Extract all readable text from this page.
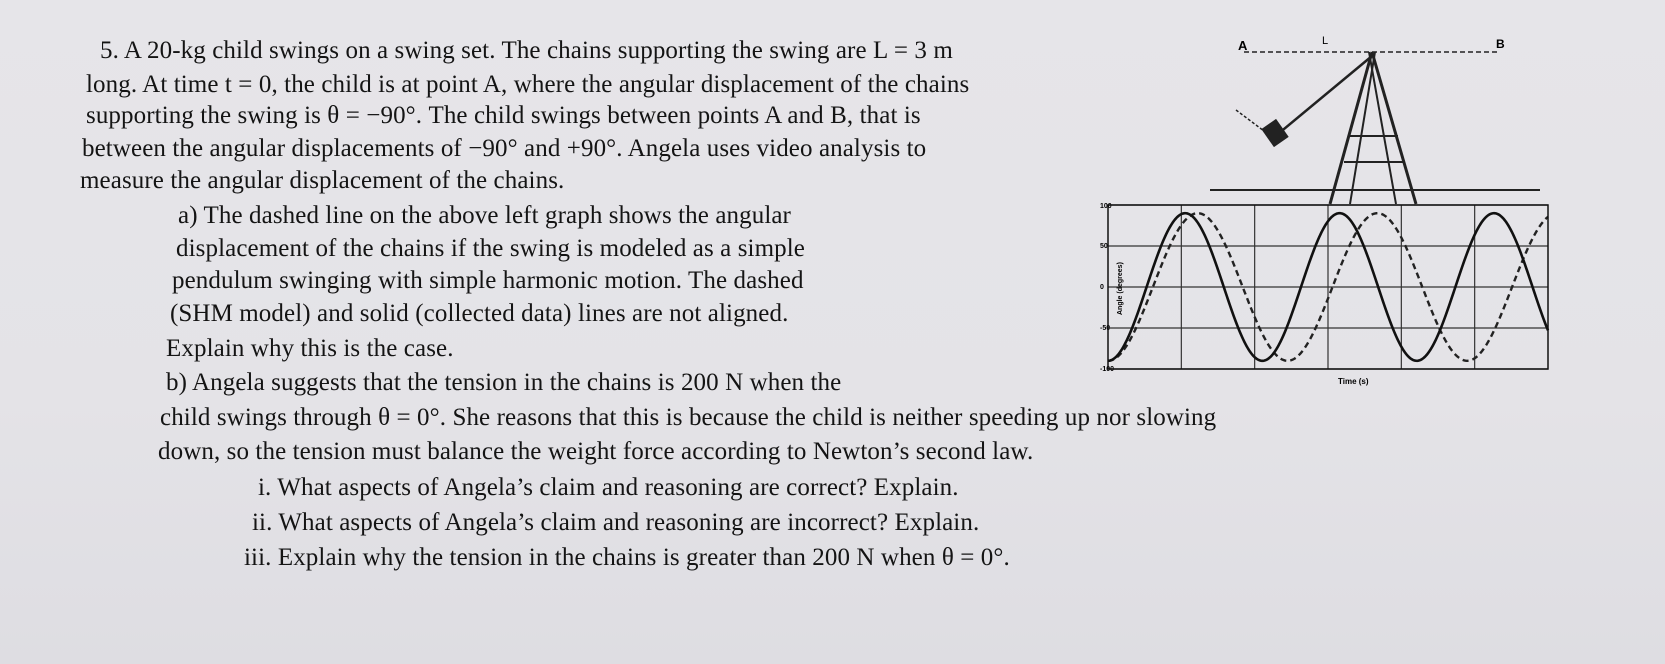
5. A 20-kg child swings on a swing set. The chains supporting the swing are L = 3 m
long. At time t = 0, the child is at point A, where the angular displacement of the chains
supporting the swing is θ = −90°. The child swings between points A and B, that is
between the angular displacements of −90° and +90°. Angela uses video analysis to
measure the angular displacement of the chains.
a) The dashed line on the above left graph shows the angular
displacement of the chains if the swing is modeled as a simple
pendulum swinging with simple harmonic motion. The dashed
(SHM model) and solid (collected data) lines are not aligned.
Explain why this is the case.
b) Angela suggests that the tension in the chains is 200 N when the
child swings through θ = 0°. She reasons that this is because the child is neither speeding up nor slowing
down, so the tension must balance the weight force according to Newton’s second law.
i. What aspects of Angela’s claim and reasoning are correct? Explain.
ii. What aspects of Angela’s claim and reasoning are incorrect? Explain.
iii. Explain why the tension in the chains is greater than 200 N when θ = 0°.
A	L	B
100
50
0
-50
-100
Angle (degrees)
Time (s)
